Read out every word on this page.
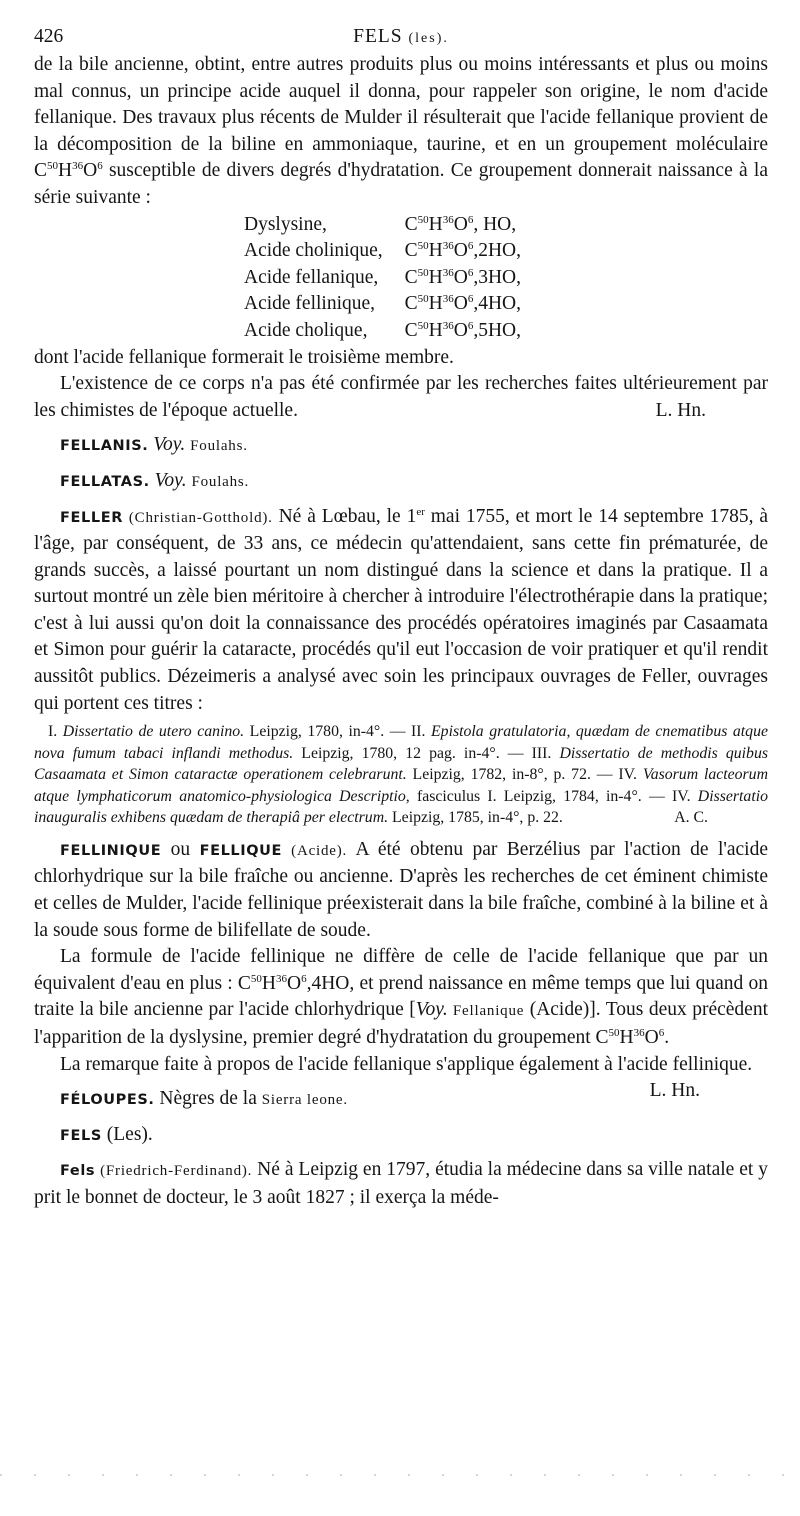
426	FELS (les).

de la bile ancienne, obtint, entre autres produits plus ou moins intéressants et plus ou moins mal connus, un principe acide auquel il donna, pour rappeler son origine, le nom d'acide fellanique. Des travaux plus récents de Mulder il résulterait que l'acide fellanique provient de la décomposition de la biline en ammoniaque, taurine, et en un groupement moléculaire $C^{50}H^{36}O^6$ susceptible de divers degrés d'hydratation. Ce groupement donnerait naissance à la série suivante :

Dyslysine,	$C^{50}H^{36}O^6$, HO,
Acide cholinique,	$C^{50}H^{36}O^6,2HO$,
Acide fellanique,	$C^{50}H^{36}O^6,3HO$,
Acide fellinique,	$C^{50}H^{36}O^6,4HO$,
Acide cholique,	$C^{50}H^{36}O^6,5HO$,

dont l'acide fellanique formerait le troisième membre.

L'existence de ce corps n'a pas été confirmée par les recherches faites ultérieurement par les chimistes de l'époque actuelle.	L. Hn.

FELLANIS. Voy. Foulahs.

FELLATAS. Voy. Foulahs.

FELLER (Christian-Gotthold). Né à Lœbau, le 1er mai 1755, et mort le 14 septembre 1785, à l'âge, par conséquent, de 33 ans, ce médecin qu'attendaient, sans cette fin prématurée, de grands succès, a laissé pourtant un nom distingué dans la science et dans la pratique. Il a surtout montré un zèle bien méritoire à chercher à introduire l'électrothérapie dans la pratique; c'est à lui aussi qu'on doit la connaissance des procédés opératoires imaginés par Casaamata et Simon pour guérir la cataracte, procédés qu'il eut l'occasion de voir pratiquer et qu'il rendit aussitôt publics. Dézeimeris a analysé avec soin les principaux ouvrages de Feller, ouvrages qui portent ces titres :

I. Dissertatio de utero canino. Leipzig, 1780, in-4°. — II. Epistola gratulatoria, quædam de cnematibus atque nova fumum tabaci inflandi methodus. Leipzig, 1780, 12 pag. in-4°. — III. Dissertatio de methodis quibus Casaamata et Simon cataractæ operationem celebrarunt. Leipzig, 1782, in-8°, p. 72. — IV. Vasorum lacteorum atque lymphaticorum anatomico-physiologica Descriptio, fasciculus I. Leipzig, 1784, in-4°. — IV. Dissertatio inauguralis exhibens quædam de therapiâ per electrum. Leipzig, 1785, in-4°, p. 22.	A. C.

FELLINIQUE ou FELLIQUE (Acide). A été obtenu par Berzélius par l'action de l'acide chlorhydrique sur la bile fraîche ou ancienne. D'après les recherches de cet éminent chimiste et celles de Mulder, l'acide fellinique préexisterait dans la bile fraîche, combiné à la biline et à la soude sous forme de bilifellate de soude.

La formule de l'acide fellinique ne diffère de celle de l'acide fellanique que par un équivalent d'eau en plus : $C^{50}H^{36}O^6,4HO$, et prend naissance en même temps que lui quand on traite la bile ancienne par l'acide chlorhydrique [Voy. Fellanique (Acide)]. Tous deux précèdent l'apparition de la dyslysine, premier degré d'hydratation du groupement $C^{50}H^{36}O^6$.

La remarque faite à propos de l'acide fellanique s'applique également à l'acide fellinique.
L. Hn.

FÉLOUPES. Nègres de la Sierra leone.

FELS (Les).

Fels (Friedrich-Ferdinand). Né à Leipzig en 1797, étudia la médecine dans sa ville natale et y prit le bonnet de docteur, le 3 août 1827 ; il exerça la méde-
